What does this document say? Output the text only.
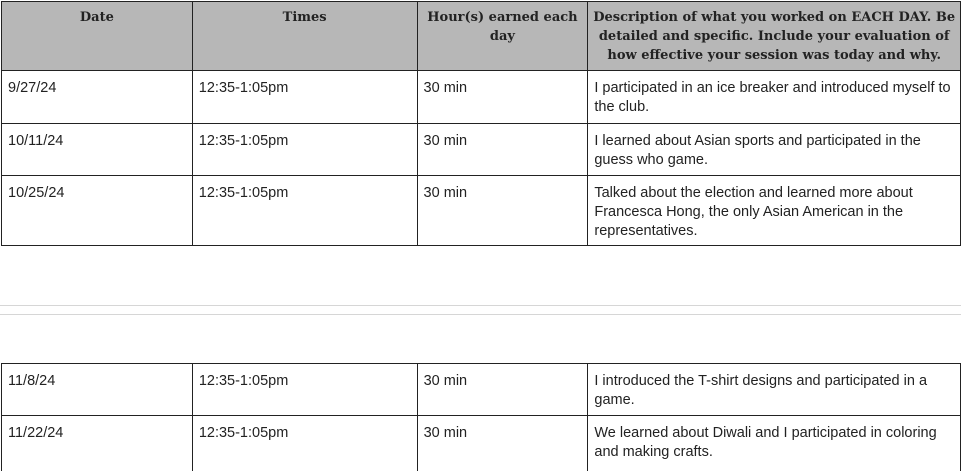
Date	Times	Hour(s) earned each day	Description of what you worked on EACH DAY. Be detailed and specific. Include your evaluation of how effective your session was today and why.

9/27/24	12:35-1:05pm	30 min	I participated in an ice breaker and introduced myself to the club.

10/11/24	12:35-1:05pm	30 min	I learned about Asian sports and participated in the guess who game.

10/25/24	12:35-1:05pm	30 min	Talked about the election and learned more about Francesca Hong, the only Asian American in the representatives.
11/8/24	12:35-1:05pm	30 min	I introduced the T-shirt designs and participated in a game.

11/22/24	12:35-1:05pm	30 min	We learned about Diwali and I participated in coloring and making crafts.
